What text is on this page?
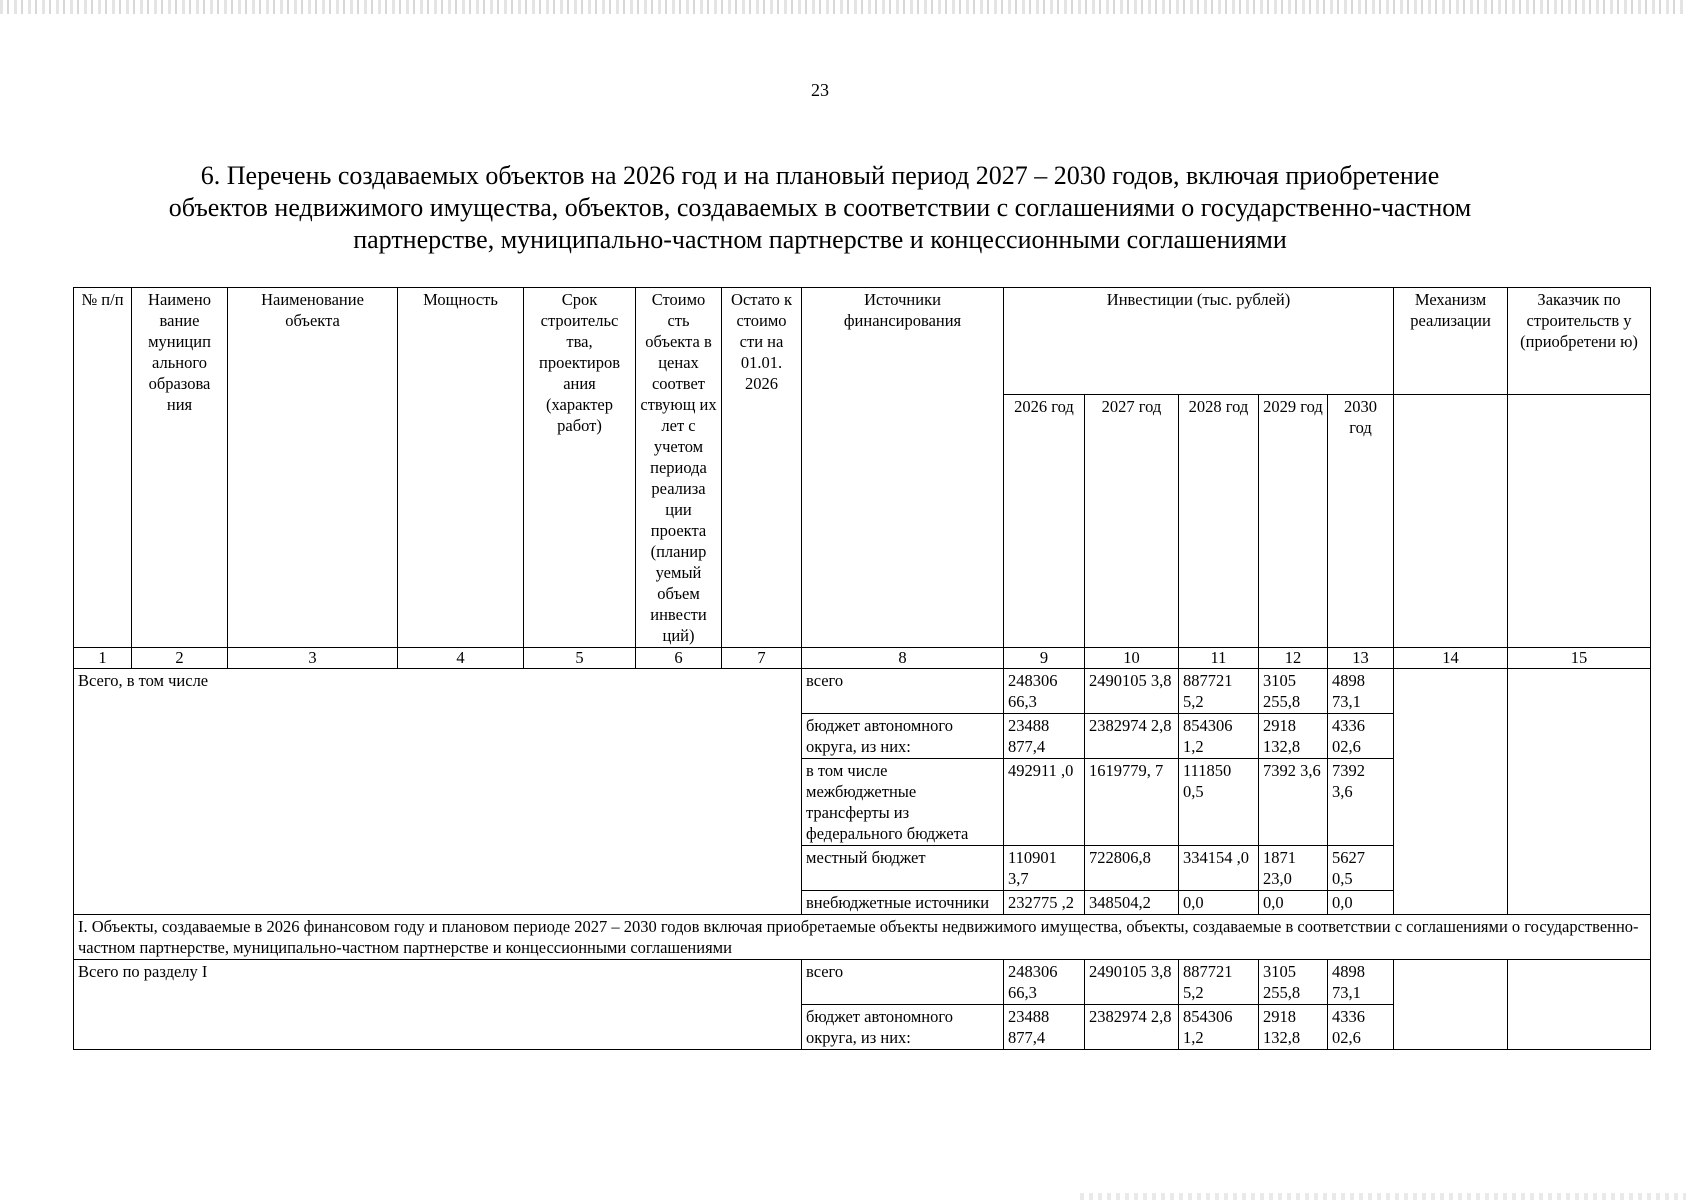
23
6. Перечень создаваемых объектов на 2026 год и на плановый период 2027 – 2030 годов, включая приобретение
объектов недвижимого имущества, объектов, создаваемых в соответствии с соглашениями о государственно-частном
партнерстве, муниципально-частном партнерстве и концессионными соглашениями
№ п/п	Наимено вание муницип ального образова ния	Наименование объекта	Мощность	Срок строительс тва, проектиров ания (характер работ)	Стоимо сть объекта в ценах соответ ствующ их лет с учетом периода реализа ции проекта (планир уемый объем инвести ций)	Остато к стоимо сти на 01.01. 2026	Источники финансирования	Инвестиции (тыс. рублей)					Механизм реализации	Заказчик по строительств у (приобретени ю)
								2026 год	2027 год	2028 год	2029 год	2030 год		
1	2	3	4	5	6	7	8	9	10	11	12	13	14	15
Всего, в том числе							всего	248306 66,3	2490105 3,8	887721 5,2	3105 255,8	4898 73,1		
							бюджет автономного округа, из них:	23488 877,4	2382974 2,8	854306 1,2	2918 132,8	4336 02,6		
							в том числе межбюджетные трансферты из федерального бюджета	492911 ,0	1619779, 7	111850 0,5	7392 3,6	7392 3,6		
							местный бюджет	110901 3,7	722806,8	334154 ,0	1871 23,0	5627 0,5		
							внебюджетные источники	232775 ,2	348504,2	0,0	0,0	0,0		
I. Объекты, создаваемые в 2026 финансовом году и плановом периоде 2027 – 2030 годов включая приобретаемые объекты недвижимого имущества, объекты, создаваемые в соответствии с соглашениями о государственно-частном партнерстве, муниципально-частном партнерстве и концессионными соглашениями														
Всего по разделу I							всего	248306 66,3	2490105 3,8	887721 5,2	3105 255,8	4898 73,1		
							бюджет автономного округа, из них:	23488 877,4	2382974 2,8	854306 1,2	2918 132,8	4336 02,6		
